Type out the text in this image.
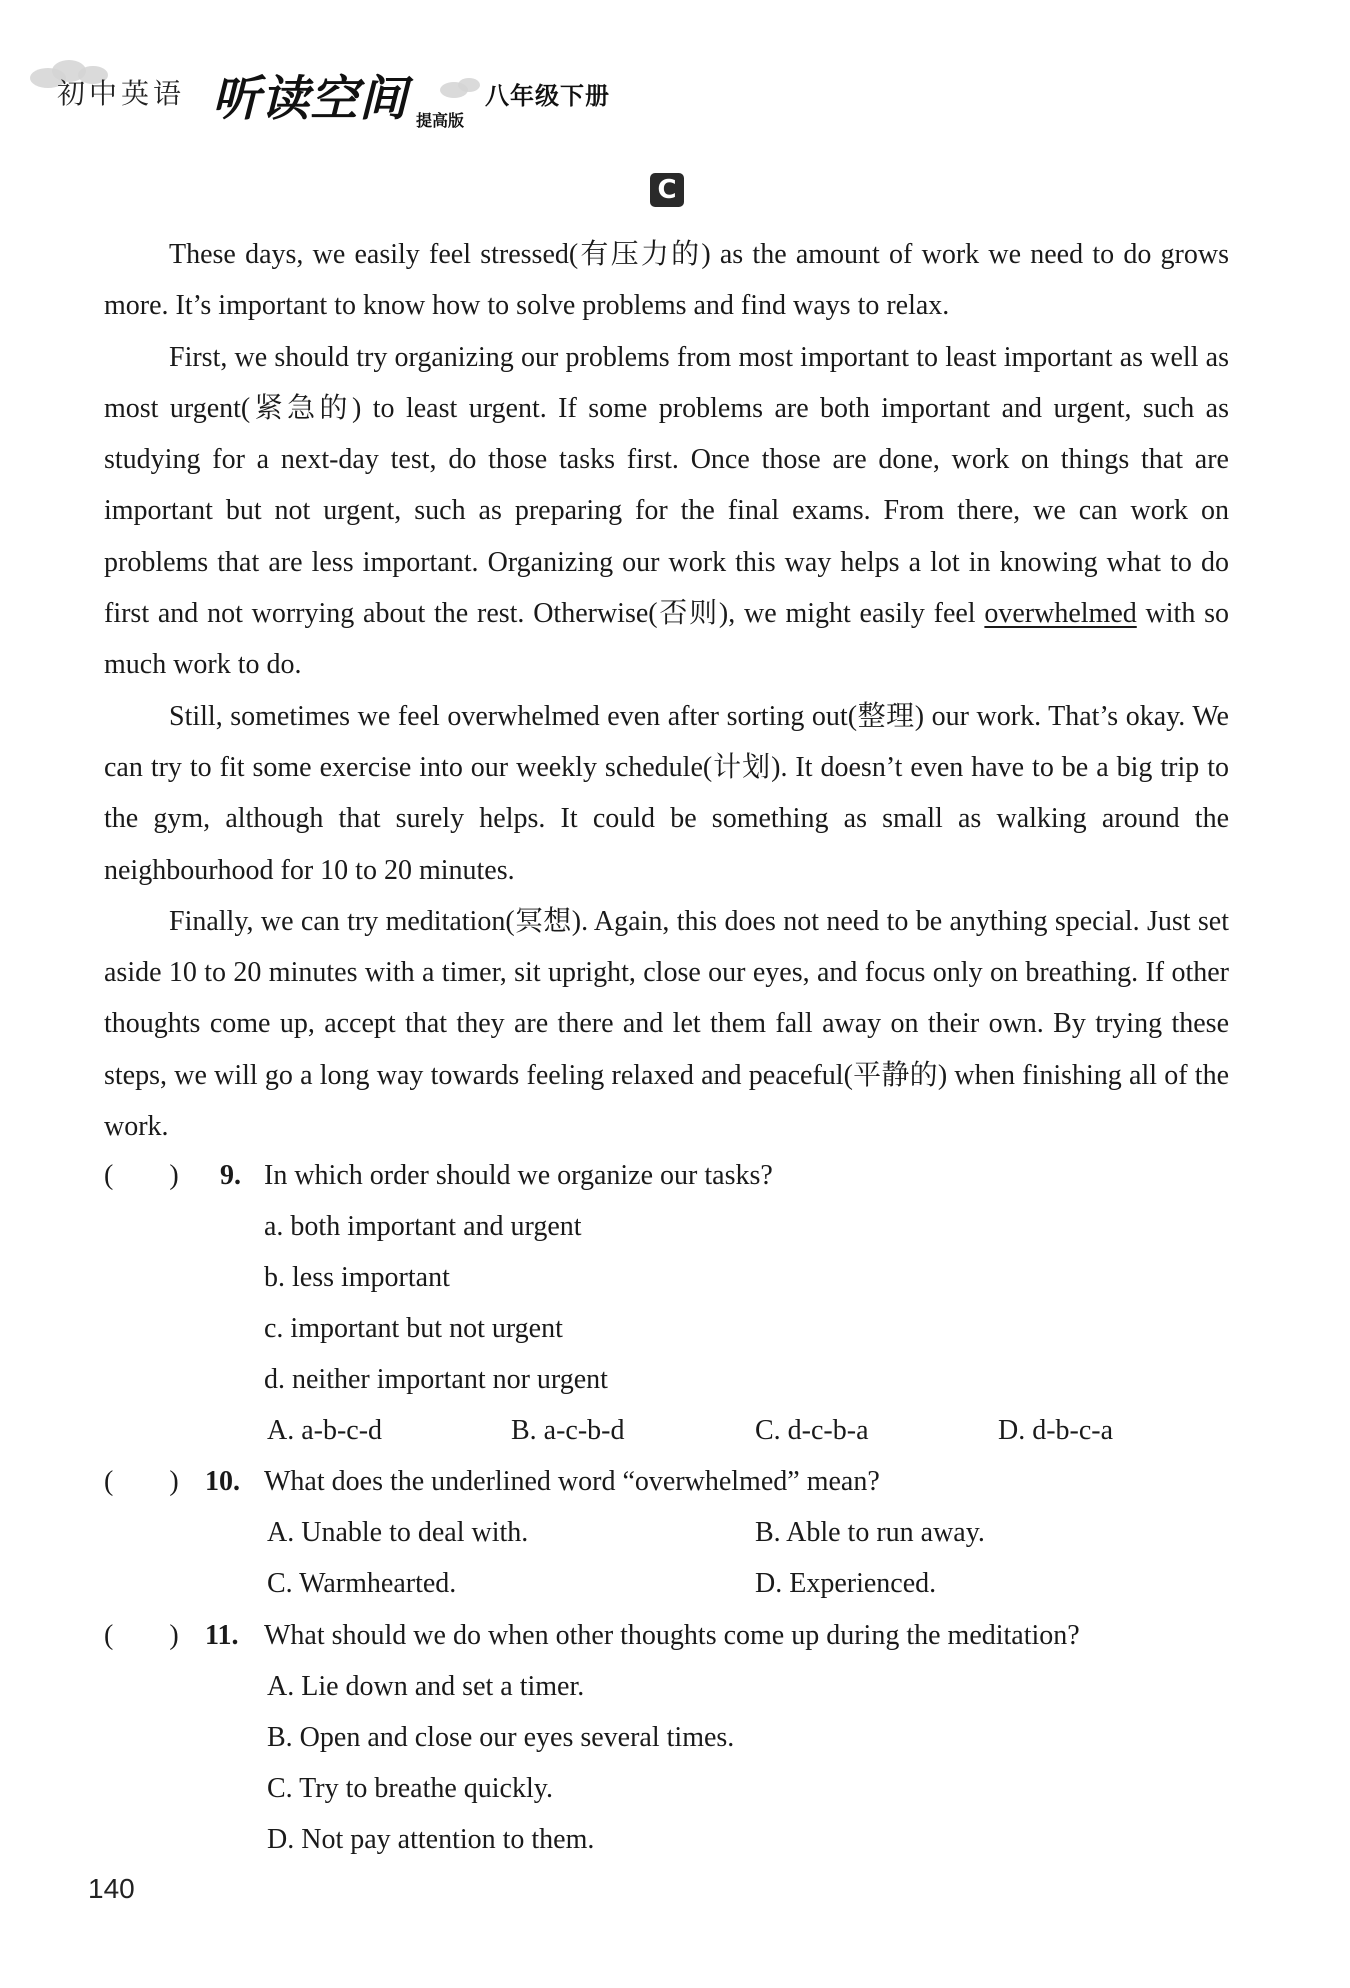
初中英语 听读空间 提高版
八年级下册
C

These days, we easily feel stressed(有压力的) as the amount of work we need to do grows more. It’s important to know how to solve problems and find ways to relax.

First, we should try organizing our problems from most important to least important as well as most urgent(紧急的) to least urgent. If some problems are both important and urgent, such as studying for a next-day test, do those tasks first. Once those are done, work on things that are important but not urgent, such as preparing for the final exams. From there, we can work on problems that are less important. Organizing our work this way helps a lot in knowing what to do first and not worrying about the rest. Otherwise(否则), we might easily feel overwhelmed with so much work to do.

Still, sometimes we feel overwhelmed even after sorting out(整理) our work. That’s okay. We can try to fit some exercise into our weekly schedule(计划). It doesn’t even have to be a big trip to the gym, although that surely helps. It could be something as small as walking around the neighbourhood for 10 to 20 minutes.

Finally, we can try meditation(冥想). Again, this does not need to be anything special. Just set aside 10 to 20 minutes with a timer, sit upright, close our eyes, and focus only on breathing. If other thoughts come up, accept that they are there and let them fall away on their own. By trying these steps, we will go a long way towards feeling relaxed and peaceful(平静的) when finishing all of the work.

(　　) 9. In which order should we organize our tasks?
a. both important and urgent
b. less important
c. important but not urgent
d. neither important nor urgent
A. a-b-c-d	B. a-c-b-d	C. d-c-b-a	D. d-b-c-a
(　　) 10. What does the underlined word “overwhelmed” mean?
A. Unable to deal with.	B. Able to run away.
C. Warmhearted.	D. Experienced.
(　　) 11. What should we do when other thoughts come up during the meditation?
A. Lie down and set a timer.
B. Open and close our eyes several times.
C. Try to breathe quickly.
D. Not pay attention to them.
140
